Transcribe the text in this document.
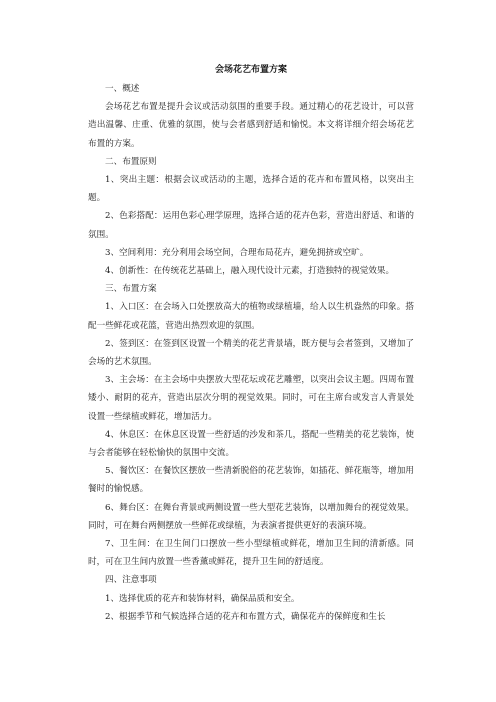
会场花艺布置方案
一、概述

会场花艺布置是提升会议或活动氛围的重要手段。通过精心的花艺设计，可以营造出温馨、庄重、优雅的氛围，使与会者感到舒适和愉悦。本文将详细介绍会场花艺布置的方案。

二、布置原则

1、突出主题：根据会议或活动的主题，选择合适的花卉和布置风格，以突出主题。

2、色彩搭配：运用色彩心理学原理，选择合适的花卉色彩，营造出舒适、和谐的氛围。

3、空间利用：充分利用会场空间，合理布局花卉，避免拥挤或空旷。

4、创新性：在传统花艺基础上，融入现代设计元素，打造独特的视觉效果。

三、布置方案

1、入口区：在会场入口处摆放高大的植物或绿植墙，给人以生机盎然的印象。搭配一些鲜花或花篮，营造出热烈欢迎的氛围。

2、签到区：在签到区设置一个精美的花艺背景墙，既方便与会者签到，又增加了会场的艺术氛围。

3、主会场：在主会场中央摆放大型花坛或花艺雕塑，以突出会议主题。四周布置矮小、耐阴的花卉，营造出层次分明的视觉效果。同时，可在主席台或发言人背景处设置一些绿植或鲜花，增加活力。

4、休息区：在休息区设置一些舒适的沙发和茶几，搭配一些精美的花艺装饰，使与会者能够在轻松愉快的氛围中交流。

5、餐饮区：在餐饮区摆放一些清新脱俗的花艺装饰，如插花、鲜花瓶等，增加用餐时的愉悦感。

6、舞台区：在舞台背景或两侧设置一些大型花艺装饰，以增加舞台的视觉效果。同时，可在舞台两侧摆放一些鲜花或绿植，为表演者提供更好的表演环境。

7、卫生间：在卫生间门口摆放一些小型绿植或鲜花，增加卫生间的清新感。同时，可在卫生间内放置一些香薰或鲜花，提升卫生间的舒适度。

四、注意事项

1、选择优质的花卉和装饰材料，确保品质和安全。

2、根据季节和气候选择合适的花卉和布置方式，确保花卉的保鲜度和生长
